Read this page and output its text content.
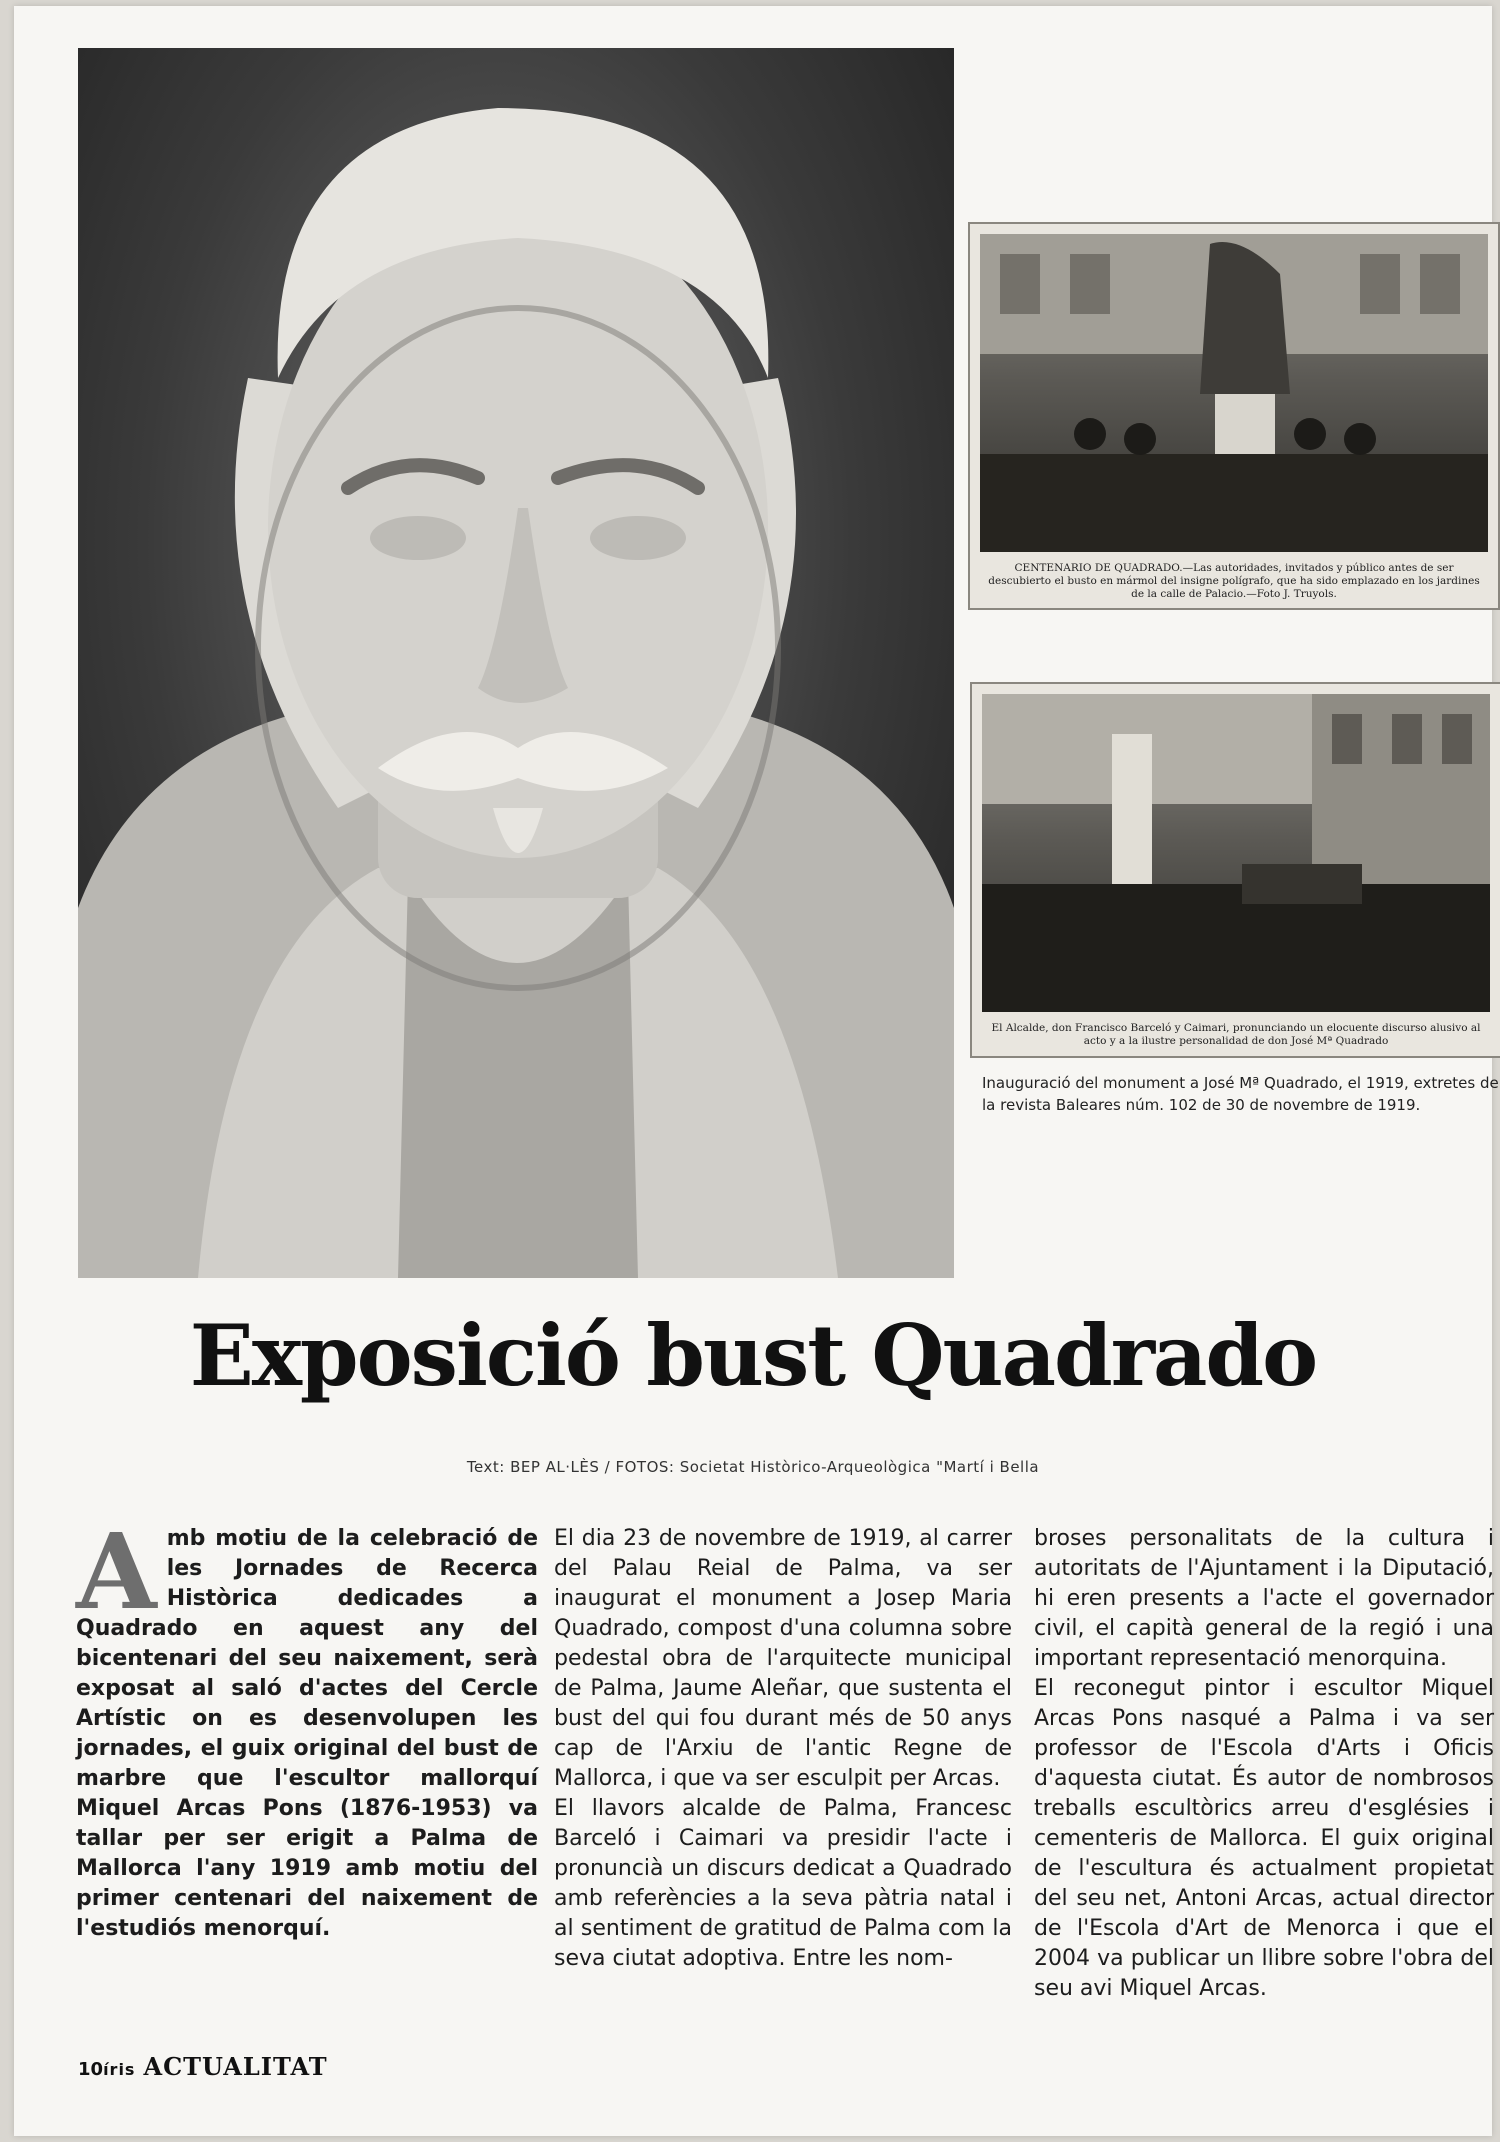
CENTENARIO DE QUADRADO.—Las autoridades, invitados y público antes de ser descubierto el busto en mármol del insigne polígrafo, que ha sido emplazado en los jardines de la calle de Palacio.—Foto J. Truyols.
El Alcalde, don Francisco Barceló y Caimari, pronunciando un elocuente discurso alusivo al acto y a la ilustre personalidad de don José Mª Quadrado
Inauguració del monument a José Mª Quadrado, el 1919, extretes de la revista Baleares núm. 102 de 30 de novembre de 1919.
Exposició bust Quadrado
Text: BEP AL·LÈS / FOTOS: Societat Històrico-Arqueològica "Martí i Bella

Amb motiu de la celebració de les Jornades de Recerca Històrica dedicades a Quadrado en aquest any del bicentenari del seu naixement, serà exposat al saló d'actes del Cercle Artístic on es desenvolupen les jornades, el guix original del bust de marbre que l'escultor mallorquí Miquel Arcas Pons (1876-1953) va tallar per ser erigit a Palma de Mallorca l'any 1919 amb motiu del primer centenari del naixement de l'estudiós menorquí.

El dia 23 de novembre de 1919, al carrer del Palau Reial de Palma, va ser inaugurat el monument a Josep Maria Quadrado, compost d'una columna sobre pedestal obra de l'arquitecte municipal de Palma, Jaume Aleñar, que sustenta el bust del qui fou durant més de 50 anys cap de l'Arxiu de l'antic Regne de Mallorca, i que va ser esculpit per Arcas.

El llavors alcalde de Palma, Francesc Barceló i Caimari va presidir l'acte i pronuncià un discurs dedicat a Quadrado amb referències a la seva pàtria natal i al sentiment de gratitud de Palma com la seva ciutat adoptiva. Entre les nom-

broses personalitats de la cultura i autoritats de l'Ajuntament i la Diputació, hi eren presents a l'acte el governador civil, el capità general de la regió i una important representació menorquina.

El reconegut pintor i escultor Miquel Arcas Pons nasqué a Palma i va ser professor de l'Escola d'Arts i Oficis d'aquesta ciutat. És autor de nombrosos treballs escultòrics arreu d'esglésies i cementeris de Mallorca. El guix original de l'escultura és actualment propietat del seu net, Antoni Arcas, actual director de l'Escola d'Art de Menorca i que el 2004 va publicar un llibre sobre l'obra del seu avi Miquel Arcas.

10íris ACTUALITAT
